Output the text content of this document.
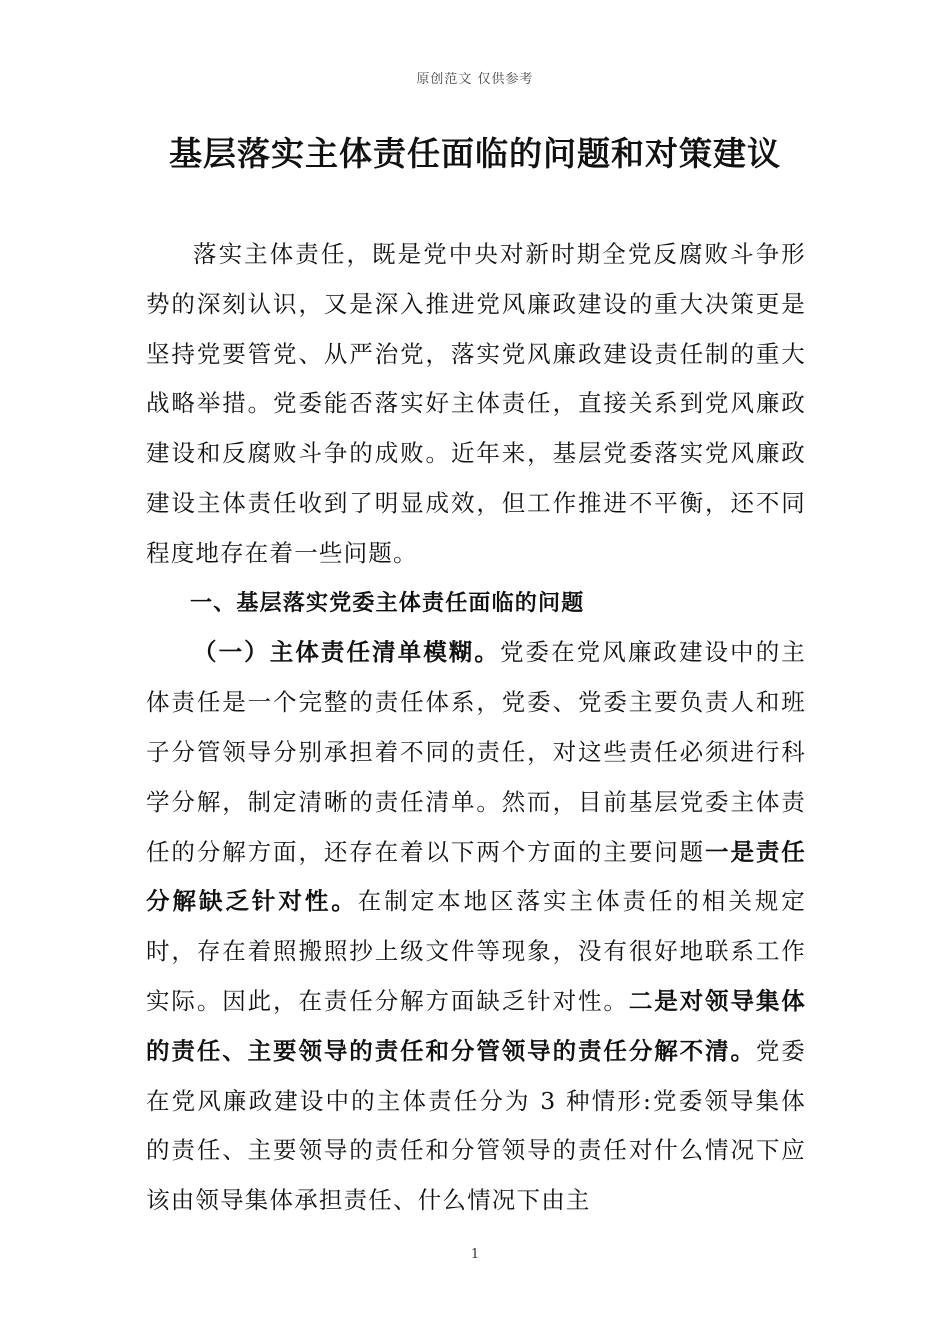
原创范文 仅供参考
基层落实主体责任面临的问题和对策建议

落实主体责任，既是党中央对新时期全党反腐败斗争形势的深刻认识，又是深入推进党风廉政建设的重大决策更是坚持党要管党、从严治党，落实党风廉政建设责任制的重大战略举措。党委能否落实好主体责任，直接关系到党风廉政建设和反腐败斗争的成败。近年来，基层党委落实党风廉政建设主体责任收到了明显成效，但工作推进不平衡，还不同程度地存在着一些问题。

一、基层落实党委主体责任面临的问题

（一）主体责任清单模糊。党委在党风廉政建设中的主体责任是一个完整的责任体系，党委、党委主要负责人和班子分管领导分别承担着不同的责任，对这些责任必须进行科学分解，制定清晰的责任清单。然而，目前基层党委主体责任的分解方面，还存在着以下两个方面的主要问题一是责任分解缺乏针对性。在制定本地区落实主体责任的相关规定时，存在着照搬照抄上级文件等现象，没有很好地联系工作实际。因此，在责任分解方面缺乏针对性。二是对领导集体的责任、主要领导的责任和分管领导的责任分解不清。党委在党风廉政建设中的主体责任分为 3 种情形:党委领导集体的责任、主要领导的责任和分管领导的责任对什么情况下应该由领导集体承担责任、什么情况下由主

1
